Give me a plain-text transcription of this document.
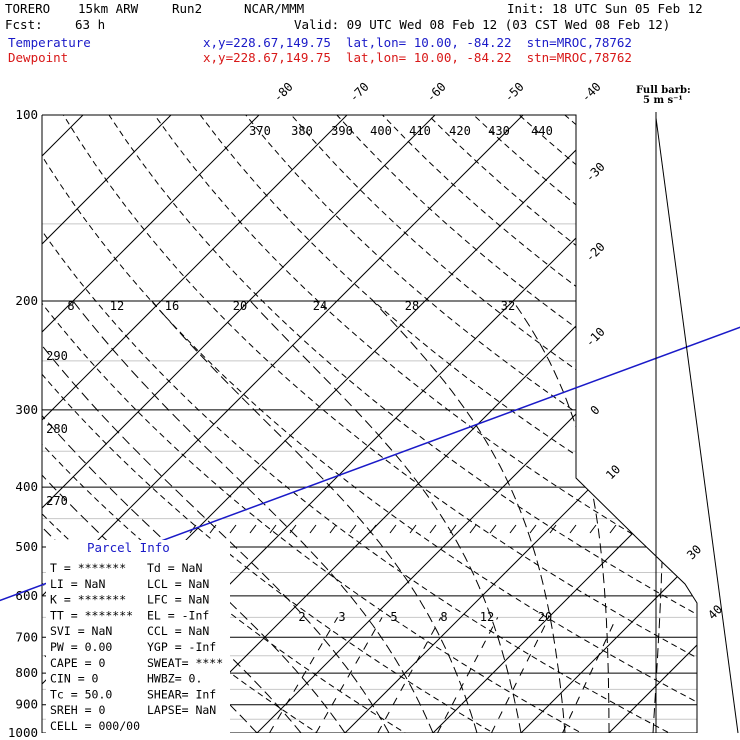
TORERO 15km ARW	Run2	NCAR/MMM	Init: 18 UTC Sun 05 Feb 12
Fcst:	63 h	Valid: 09 UTC Wed 08 Feb 12 (03 CST Wed 08 Feb 12)
Temperature	x,y=228.67,149.75  lat,lon= 10.00, -84.22  stn=MROC,78762
Dewpoint	x,y=228.67,149.75  lat,lon= 10.00, -84.22  stn=MROC,78762
100
200
300
400
500
600
700
800
900
1000
-80	-70	-60	-50	-40
-30
-20
-10
0
10
30
40
370 380 390 400 410 420 430 440
290
280
270
8	12	16	20	24	28	32
2	3	5	8	12	20
Full barb:
5 m s⁻¹
Parcel Info
T = ******* Td = NaN
LI = NaN	LCL = NaN
K = ******* LFC = NaN
TT = ******* EL = -Inf
SVI = NaN	CCL = NaN
PW = 0.00	YGP = -Inf
CAPE = 0	SWEAT= ****
CIN = 0	HWBZ= 0.
Tc = 50.0	SHEAR= Inf
SREH = 0	LAPSE= NaN
CELL = 000/00
